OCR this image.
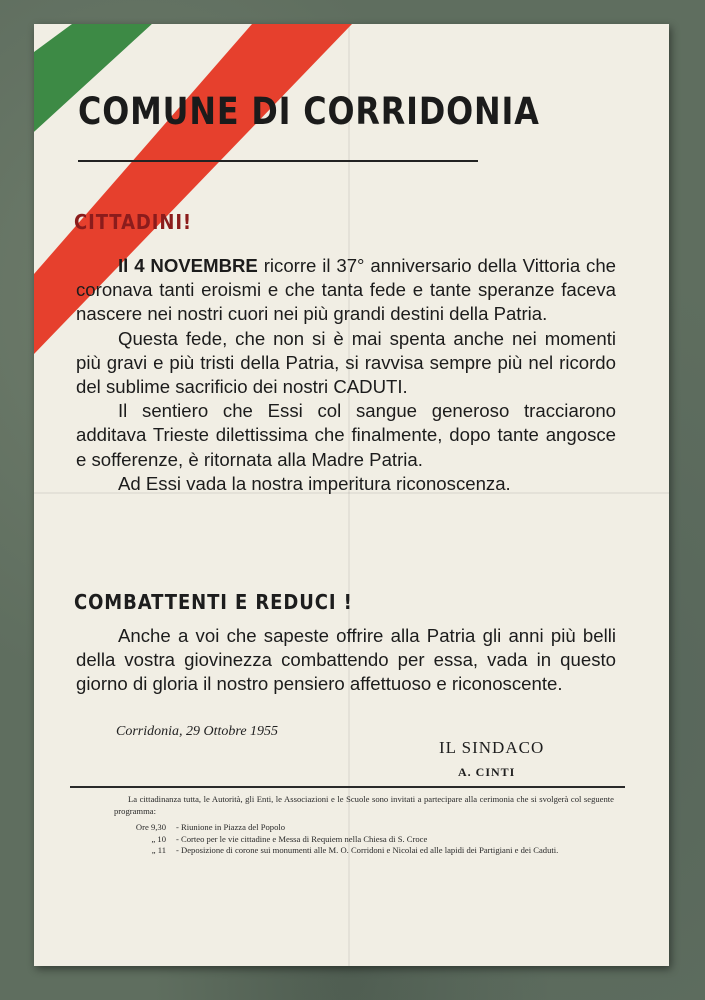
COMUNE DI CORRIDONIA
CITTADINI!

Il 4 NOVEMBRE ricorre il 37° anniversario della Vittoria che coronava tanti eroismi e che tanta fede e tante speranze faceva nascere nei nostri cuori nei più grandi destini della Patria.

Questa fede, che non si è mai spenta anche nei momenti più gravi e più tristi della Patria, si ravvisa sempre più nel ricordo del sublime sacrificio dei nostri CADUTI.

Il sentiero che Essi col sangue generoso tracciarono additava Trieste dilettissima che finalmente, dopo tante angosce e sofferenze, è ritornata alla Madre Patria.

Ad Essi vada la nostra imperitura riconoscenza.

COMBATTENTI E REDUCI !

Anche a voi che sapeste offrire alla Patria gli anni più belli della vostra giovinezza combattendo per essa, vada in questo giorno di gloria il nostro pensiero affettuoso e riconoscente.

Corridonia, 29 Ottobre 1955

IL SINDACO

A. CINTI

La cittadinanza tutta, le Autorità, gli Enti, le Associazioni e le Scuole sono invitati a partecipare alla cerimonia che si svolgerà col seguente programma:

Ore 9,30	- Riunione in Piazza del Popolo
„ 10	- Corteo per le vie cittadine e Messa di Requiem nella Chiesa di S. Croce
„ 11	- Deposizione di corone sui monumenti alle M. O. Corridoni e Nicolai ed alle lapidi dei Partigiani e dei Caduti.
